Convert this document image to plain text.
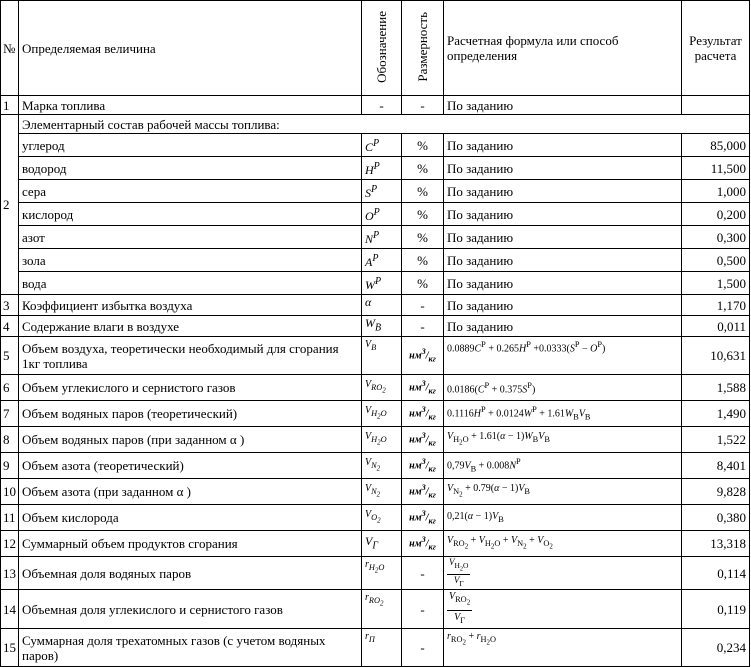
№	Определяемая величина	Обозначение	Размерность	Расчетная формула или способ определения	Результат расчета
1	Марка топлива	-	-	По заданию	
2	Элементарный состав рабочей массы топлива:				
	углерод	$C^P$	%	По заданию	85,000
	водород	$H^P$	%	По заданию	11,500
	сера	$S^P$	%	По заданию	1,000
	кислород	$O^P$	%	По заданию	0,200
	азот	$N^P$	%	По заданию	0,300
	зола	$A^P$	%	По заданию	0,500
	вода	$W^P$	%	По заданию	1,500
3	Коэффициент избытка воздуха	α	-	По заданию	1,170
4	Содержание влаги в воздухе	$W_B$	-	По заданию	0,011
5	Объем воздуха, теоретически необходимый для сгорания 1кг топлива	$V_B$	$нм^3/_{кг}$	$0.0889C^P + 0.265H^P +0.0333(S^P - O^P)$	10,631
6	Объем углекислого и сернистого газов	$V_{RO_2}$	$нм^3/_{кг}$	$0.0186(C^P + 0.375S^P)$	1,588
7	Объем водяных паров (теоретический)	$V_{H_2O}$	$нм^3/_{кг}$	$0.1116H^P + 0.0124W^P + 1.61W_BV_B$	1,490
8	Объем водяных паров (при заданном α )	$V_{H_2O}$	$нм^3/_{кг}$	$V_{H_2O} + 1.61(\alpha - 1)W_BV_B$	1,522
9	Объем азота (теоретический)	$V_{N_2}$	$нм^3/_{кг}$	$0,79V_B + 0.008N^P$	8,401
10	Объем азота (при заданном α )	$V_{N_2}$	$нм^3/_{кг}$	$V_{N_2} + 0.79(\alpha - 1)V_B$	9,828
11	Объем кислорода	$V_{O_2}$	$нм^3/_{кг}$	$0,21(\alpha - 1)V_B$	0,380
12	Суммарный объем продуктов сгорания	$V_Г$	$нм^3/_{кг}$	$V_{RO_2} + V_{H_2O} + V_{N_2} + V_{O_2}$	13,318
13	Объемная доля водяных паров	$r_{H_2O}$	-	$\frac{V_{H_2O}}{V_Г}$	0,114
14	Объемная доля углекислого и сернистого газов	$r_{RO_2}$	-	$\frac{V_{RO_2}}{V_Г}$	0,119
15	Суммарная доля трехатомных газов (с учетом водяных паров)	$r_П$	-	$r_{RO_2} + r_{H_2O}$	0,234
